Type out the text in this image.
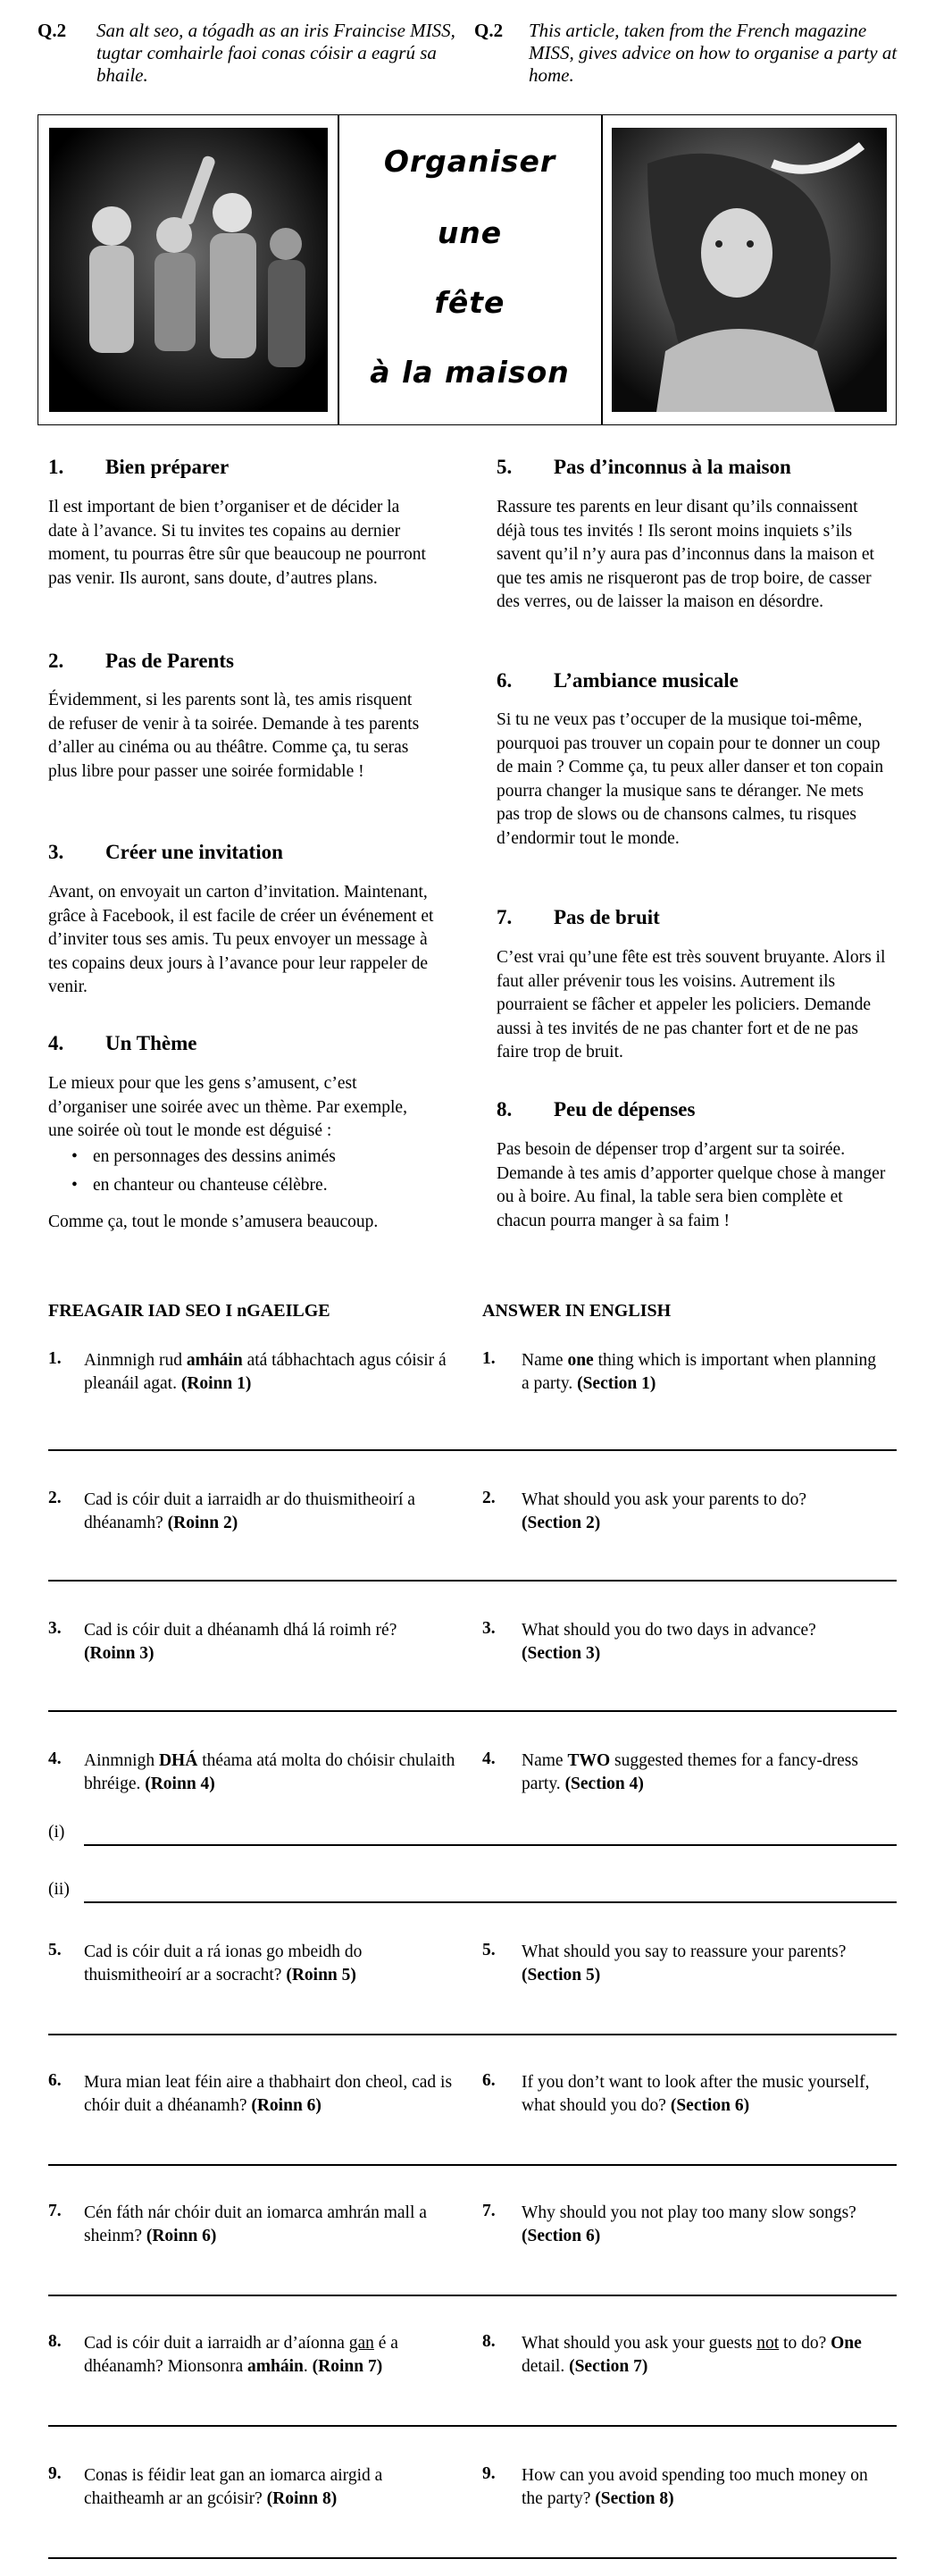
Q.2 San alt seo, a tógadh as an iris Fraincise MISS, tugtar comhairle faoi conas cóisir a eagrú sa bhaile.
Q.2 This article, taken from the French magazine MISS, gives advice on how to organise a party at home.
Organiser
une
fête
à la maison
1. Bien préparer
Il est important de bien t’organiser et de décider la date à l’avance. Si tu invites tes copains au dernier moment, tu pourras être sûr que beaucoup ne pourront pas venir. Ils auront, sans doute, d’autres plans.
2. Pas de Parents
Évidemment, si les parents sont là, tes amis risquent de refuser de venir à ta soirée. Demande à tes parents d’aller au cinéma ou au théâtre. Comme ça, tu seras plus libre pour passer une soirée formidable !
3. Créer une invitation
Avant, on envoyait un carton d’invitation. Maintenant, grâce à Facebook, il est facile de créer un événement et d’inviter tous ses amis. Tu peux envoyer un message à tes copains deux jours à l’avance pour leur rappeler de venir.
4. Un Thème
Le mieux pour que les gens s’amusent, c’est d’organiser une soirée avec un thème. Par exemple, une soirée où tout le monde est déguisé :
• en personnages des dessins animés
• en chanteur ou chanteuse célèbre.
Comme ça, tout le monde s’amusera beaucoup.
5. Pas d’inconnus à la maison
Rassure tes parents en leur disant qu’ils connaissent déjà tous tes invités ! Ils seront moins inquiets s’ils savent qu’il n’y aura pas d’inconnus dans la maison et que tes amis ne risqueront pas de trop boire, de casser des verres, ou de laisser la maison en désordre.
6. L’ambiance musicale
Si tu ne veux pas t’occuper de la musique toi-même, pourquoi pas trouver un copain pour te donner un coup de main ? Comme ça, tu peux aller danser et ton copain pourra changer la musique sans te déranger. Ne mets pas trop de slows ou de chansons calmes, tu risques d’endormir tout le monde.
7. Pas de bruit
C’est vrai qu’une fête est très souvent bruyante. Alors il faut aller prévenir tous les voisins. Autrement ils pourraient se fâcher et appeler les policiers. Demande aussi à tes invités de ne pas chanter fort et de ne pas faire trop de bruit.
8. Peu de dépenses
Pas besoin de dépenser trop d’argent sur ta soirée. Demande à tes amis d’apporter quelque chose à manger ou à boire. Au final, la table sera bien complète et chacun pourra manger à sa faim !
FREAGAIR IAD SEO I nGAEILGE	ANSWER IN ENGLISH
1. Ainmnigh rud amháin atá tábhachtach agus cóisir á pleanáil agat. (Roinn 1)
1. Name one thing which is important when planning a party. (Section 1)
2. Cad is cóir duit a iarraidh ar do thuismitheoirí a dhéanamh? (Roinn 2)
2. What should you ask your parents to do?
(Section 2)
3. Cad is cóir duit a dhéanamh dhá lá roimh ré?
(Roinn 3)
3. What should you do two days in advance?
(Section 3)
4. Ainmnigh DHÁ théama atá molta do chóisir chulaith bhréige. (Roinn 4)
4. Name TWO suggested themes for a fancy-dress party. (Section 4)
(i)
(ii)
5. Cad is cóir duit a rá ionas go mbeidh do thuismitheoirí ar a socracht? (Roinn 5)
5. What should you say to reassure your parents? (Section 5)
6. Mura mian leat féin aire a thabhairt don cheol, cad is chóir duit a dhéanamh? (Roinn 6)
6. If you don’t want to look after the music yourself, what should you do? (Section 6)
7. Cén fáth nár chóir duit an iomarca amhrán mall a sheinm? (Roinn 6)
7. Why should you not play too many slow songs? (Section 6)
8. Cad is cóir duit a iarraidh ar d’aíonna gan é a dhéanamh? Mionsonra amháin. (Roinn 7)
8. What should you ask your guests not to do? One detail. (Section 7)
9. Conas is féidir leat gan an iomarca airgid a chaitheamh ar an gcóisir? (Roinn 8)
9. How can you avoid spending too much money on the party? (Section 8)
